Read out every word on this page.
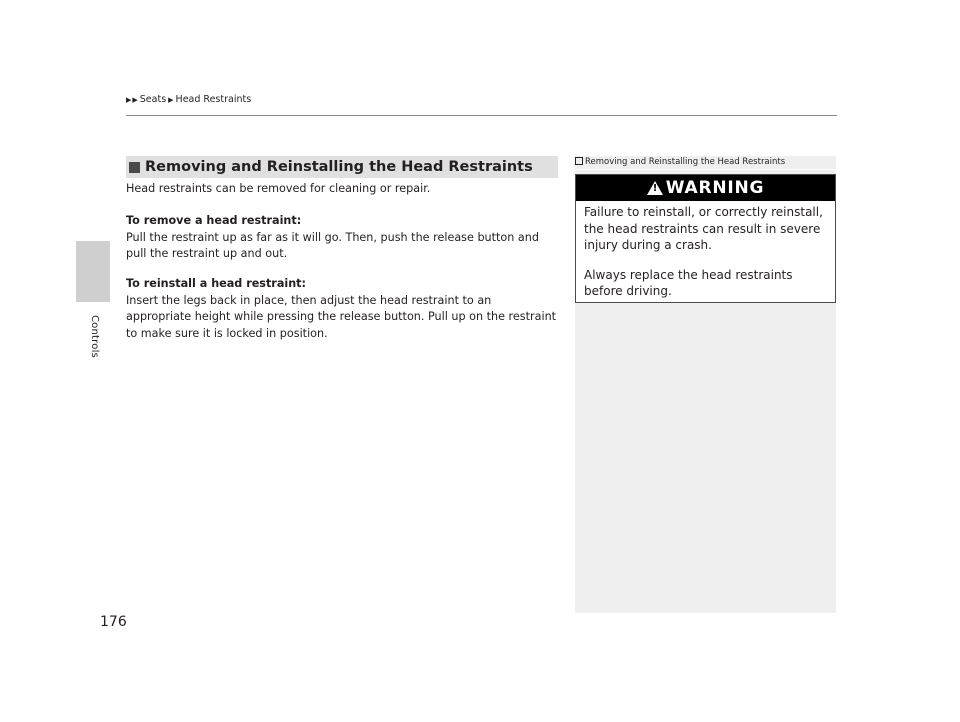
Controls
▶ ▶ Seats ▶ Head Restraints
Removing and Reinstalling the Head Restraints
Head restraints can be removed for cleaning or repair.
To remove a head restraint:
Pull the restraint up as far as it will go. Then, push the release button and pull the restraint up and out.
To reinstall a head restraint:
Insert the legs back in place, then adjust the head restraint to an appropriate height while pressing the release button. Pull up on the restraint to make sure it is locked in position.
Removing and Reinstalling the Head Restraints
!
WARNING

Failure to reinstall, or correctly reinstall, the head restraints can result in severe injury during a crash.

Always replace the head restraints before driving.

176
